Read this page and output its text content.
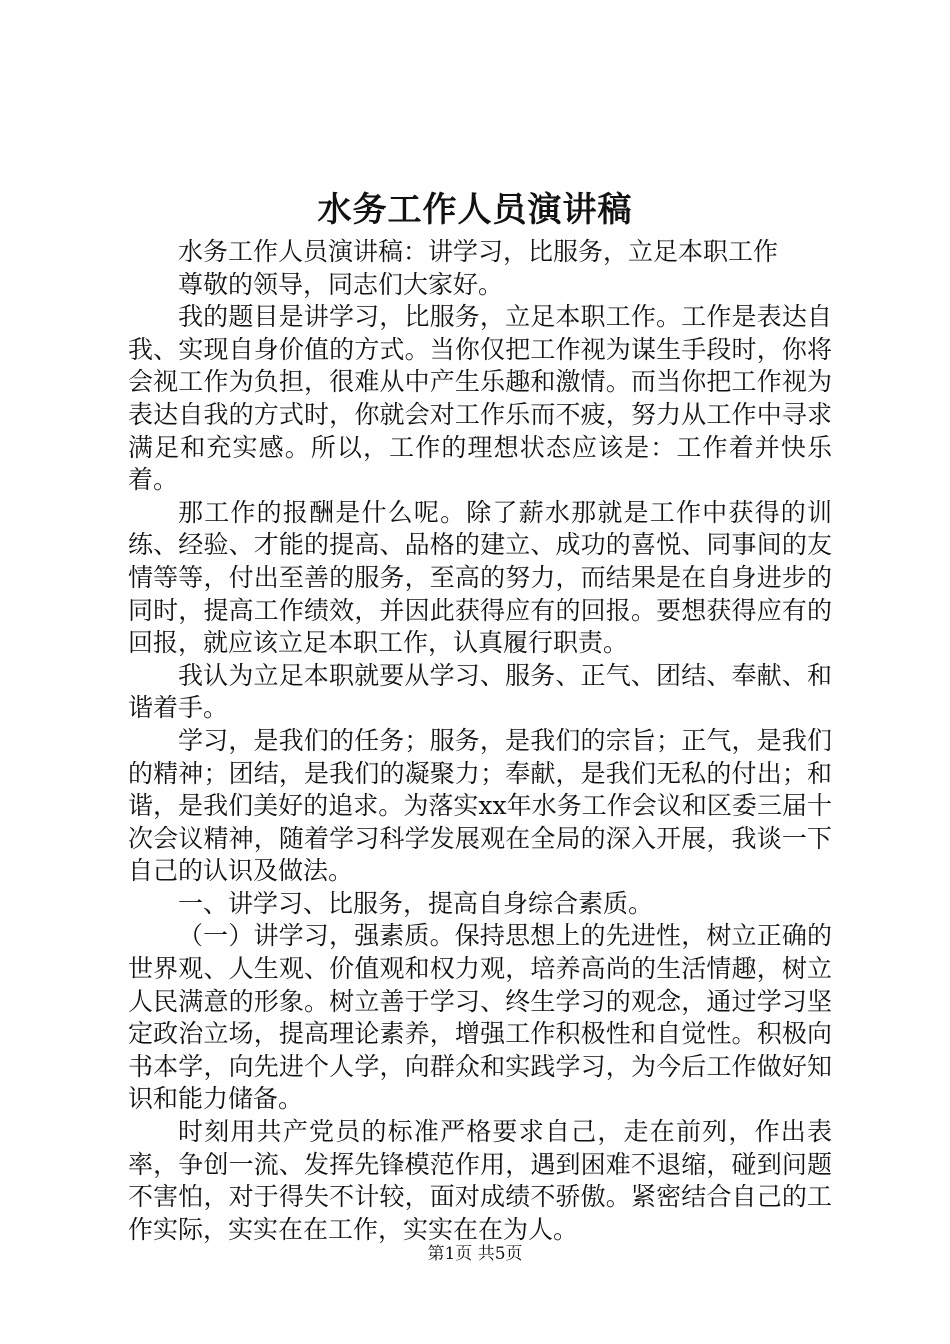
水务工作人员演讲稿

水务工作人员演讲稿：讲学习，比服务，立足本职工作

尊敬的领导，同志们大家好。

我的题目是讲学习，比服务，立足本职工作。工作是表达自我、实现自身价值的方式。当你仅把工作视为谋生手段时，你将会视工作为负担，很难从中产生乐趣和激情。而当你把工作视为表达自我的方式时，你就会对工作乐而不疲，努力从工作中寻求满足和充实感。所以，工作的理想状态应该是：工作着并快乐着。

那工作的报酬是什么呢。除了薪水那就是工作中获得的训练、经验、才能的提高、品格的建立、成功的喜悦、同事间的友情等等，付出至善的服务，至高的努力，而结果是在自身进步的同时，提高工作绩效，并因此获得应有的回报。要想获得应有的回报，就应该立足本职工作，认真履行职责。

我认为立足本职就要从学习、服务、正气、团结、奉献、和谐着手。

学习，是我们的任务；服务，是我们的宗旨；正气，是我们的精神；团结，是我们的凝聚力；奉献，是我们无私的付出；和谐，是我们美好的追求。为落实xx年水务工作会议和区委三届十次会议精神，随着学习科学发展观在全局的深入开展，我谈一下自己的认识及做法。

一、讲学习、比服务，提高自身综合素质。

（一）讲学习，强素质。保持思想上的先进性，树立正确的世界观、人生观、价值观和权力观，培养高尚的生活情趣，树立人民满意的形象。树立善于学习、终生学习的观念，通过学习坚定政治立场，提高理论素养，增强工作积极性和自觉性。积极向书本学，向先进个人学，向群众和实践学习，为今后工作做好知识和能力储备。

时刻用共产党员的标准严格要求自己，走在前列，作出表率，争创一流、发挥先锋模范作用，遇到困难不退缩，碰到问题不害怕，对于得失不计较，面对成绩不骄傲。紧密结合自己的工作实际，实实在在工作，实实在在为人。

第1页 共5页
